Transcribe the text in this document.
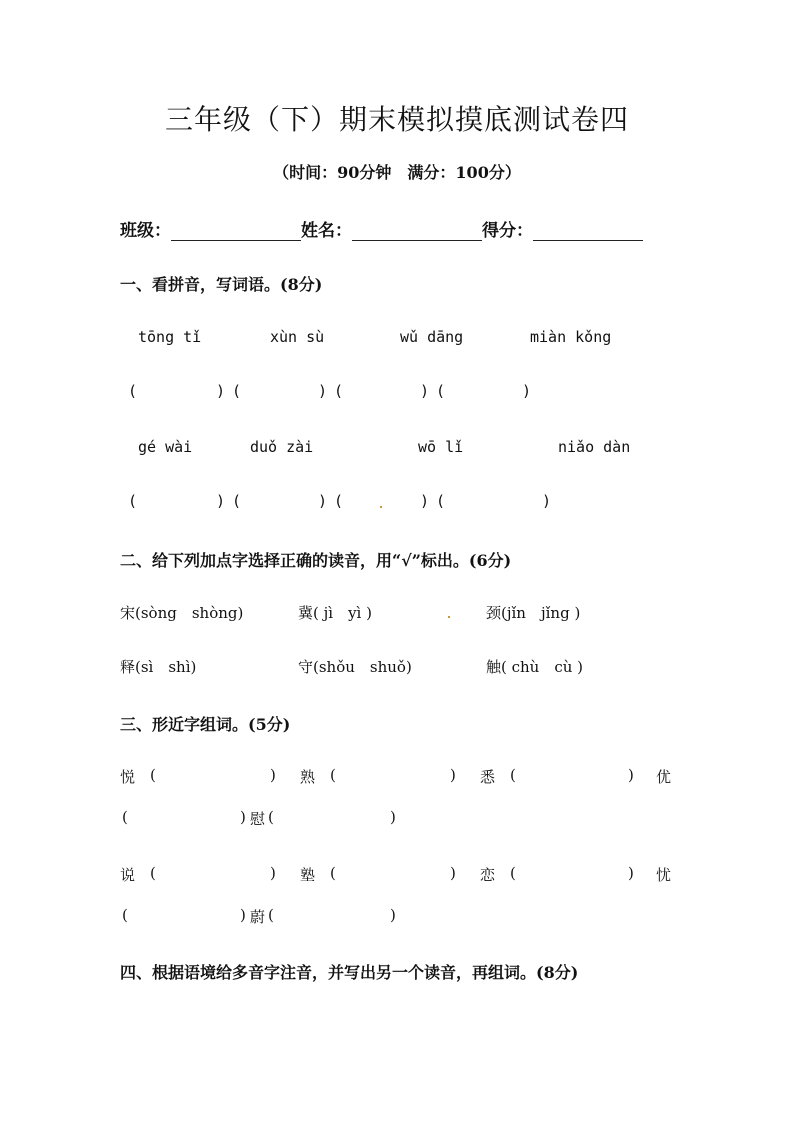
三年级（下）期末模拟摸底测试卷四
（时间：90分钟　满分：100分）
班级：	姓名：	得分：
一、看拼音，写词语。(8分)
tōng tǐ	xùn sù	wǔ dāng	miàn kǒng
(	) (	) (	) (	)
gé wài	duǒ zài	wō lǐ	niǎo dàn
(	) (	) (	) (	)
二、给下列加点字选择正确的读音，用“√”标出。(6分)
宋(sòng　shòng)	冀( jì　yì )	颈(jǐn　jǐng )
释(sì　shì)	守(shǒu　shuǒ)	触( chù　cù )
三、形近字组词。(5分)
悦 (	) 熟 (	) 悉 (	) 优
(	) 慰 (	)
说 (	) 塾 (	) 恋 (	) 忧
(	) 蔚 (	)
四、根据语境给多音字注音，并写出另一个读音，再组词。(8分)
